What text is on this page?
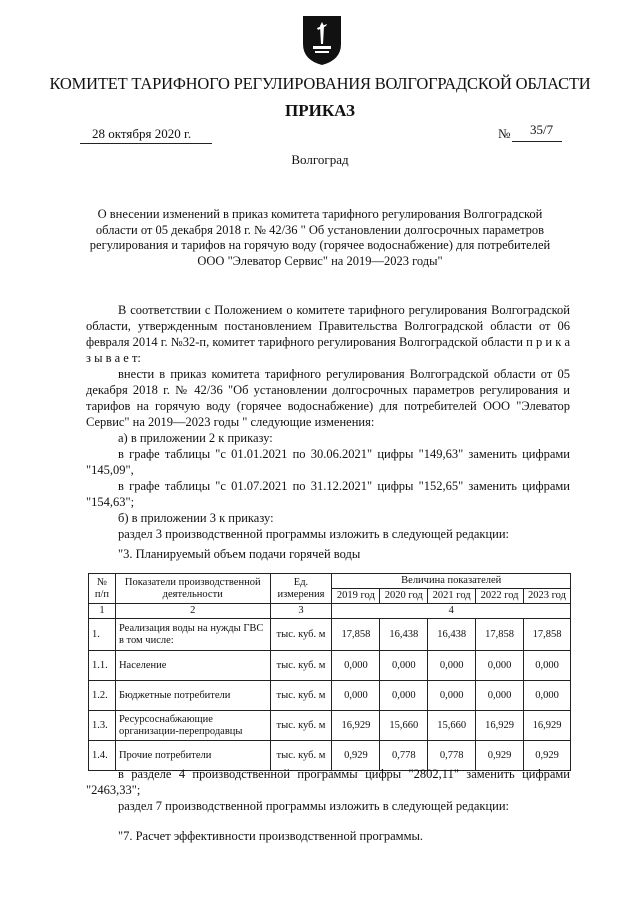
КОМИТЕТ ТАРИФНОГО РЕГУЛИРОВАНИЯ ВОЛГОГРАДСКОЙ ОБЛАСТИ
ПРИКАЗ
28 октября 2020 г.	№ 35/7
Волгоград
О внесении изменений в приказ комитета тарифного регулирования Волгоградской области от 05 декабря 2018 г. № 42/36 " Об установлении долгосрочных параметров регулирования и тарифов на горячую воду (горячее водоснабжение) для потребителей ООО "Элеватор Сервис" на 2019—2023 годы"

В соответствии с Положением о комитете тарифного регулирования Волгоградской области, утвержденным постановлением Правительства Волгоградской области от 06 февраля 2014 г. №32-п, комитет тарифного регулирования Волгоградской области п р и к а з ы в а е т:

внести в приказ комитета тарифного регулирования Волгоградской области от 05 декабря 2018 г. № 42/36 "Об установлении долгосрочных параметров регулирования и тарифов на горячую воду (горячее водоснабжение) для потребителей ООО "Элеватор Сервис" на 2019—2023 годы " следующие изменения:

а) в приложении 2 к приказу:

в графе таблицы "с 01.01.2021 по 30.06.2021" цифры "149,63" заменить цифрами "145,09",

в графе таблицы "с 01.07.2021 по 31.12.2021" цифры "152,65" заменить цифрами "154,63";

б) в приложении 3 к приказу:

раздел 3 производственной программы изложить в следующей редакции:

"3. Планируемый объем подачи горячей воды
№ п/п	Показатели производственной деятельности	Ед. измерения	Величина показателей				
			2019 год	2020 год	2021 год	2022 год	2023 год
1	2	3	4				
1.	Реализация воды на нужды ГВС в том числе:	тыс. куб. м	17,858	16,438	16,438	17,858	17,858
1.1.	Население	тыс. куб. м	0,000	0,000	0,000	0,000	0,000
1.2.	Бюджетные потребители	тыс. куб. м	0,000	0,000	0,000	0,000	0,000
1.3.	Ресурсоснабжающие организации-перепродавцы	тыс. куб. м	16,929	15,660	15,660	16,929	16,929
1.4.	Прочие потребители	тыс. куб. м	0,929	0,778	0,778	0,929	0,929

в разделе 4 производственной программы цифры "2802,11" заменить цифрами "2463,33";

раздел 7 производственной программы изложить в следующей редакции:

"7. Расчет эффективности производственной программы.
